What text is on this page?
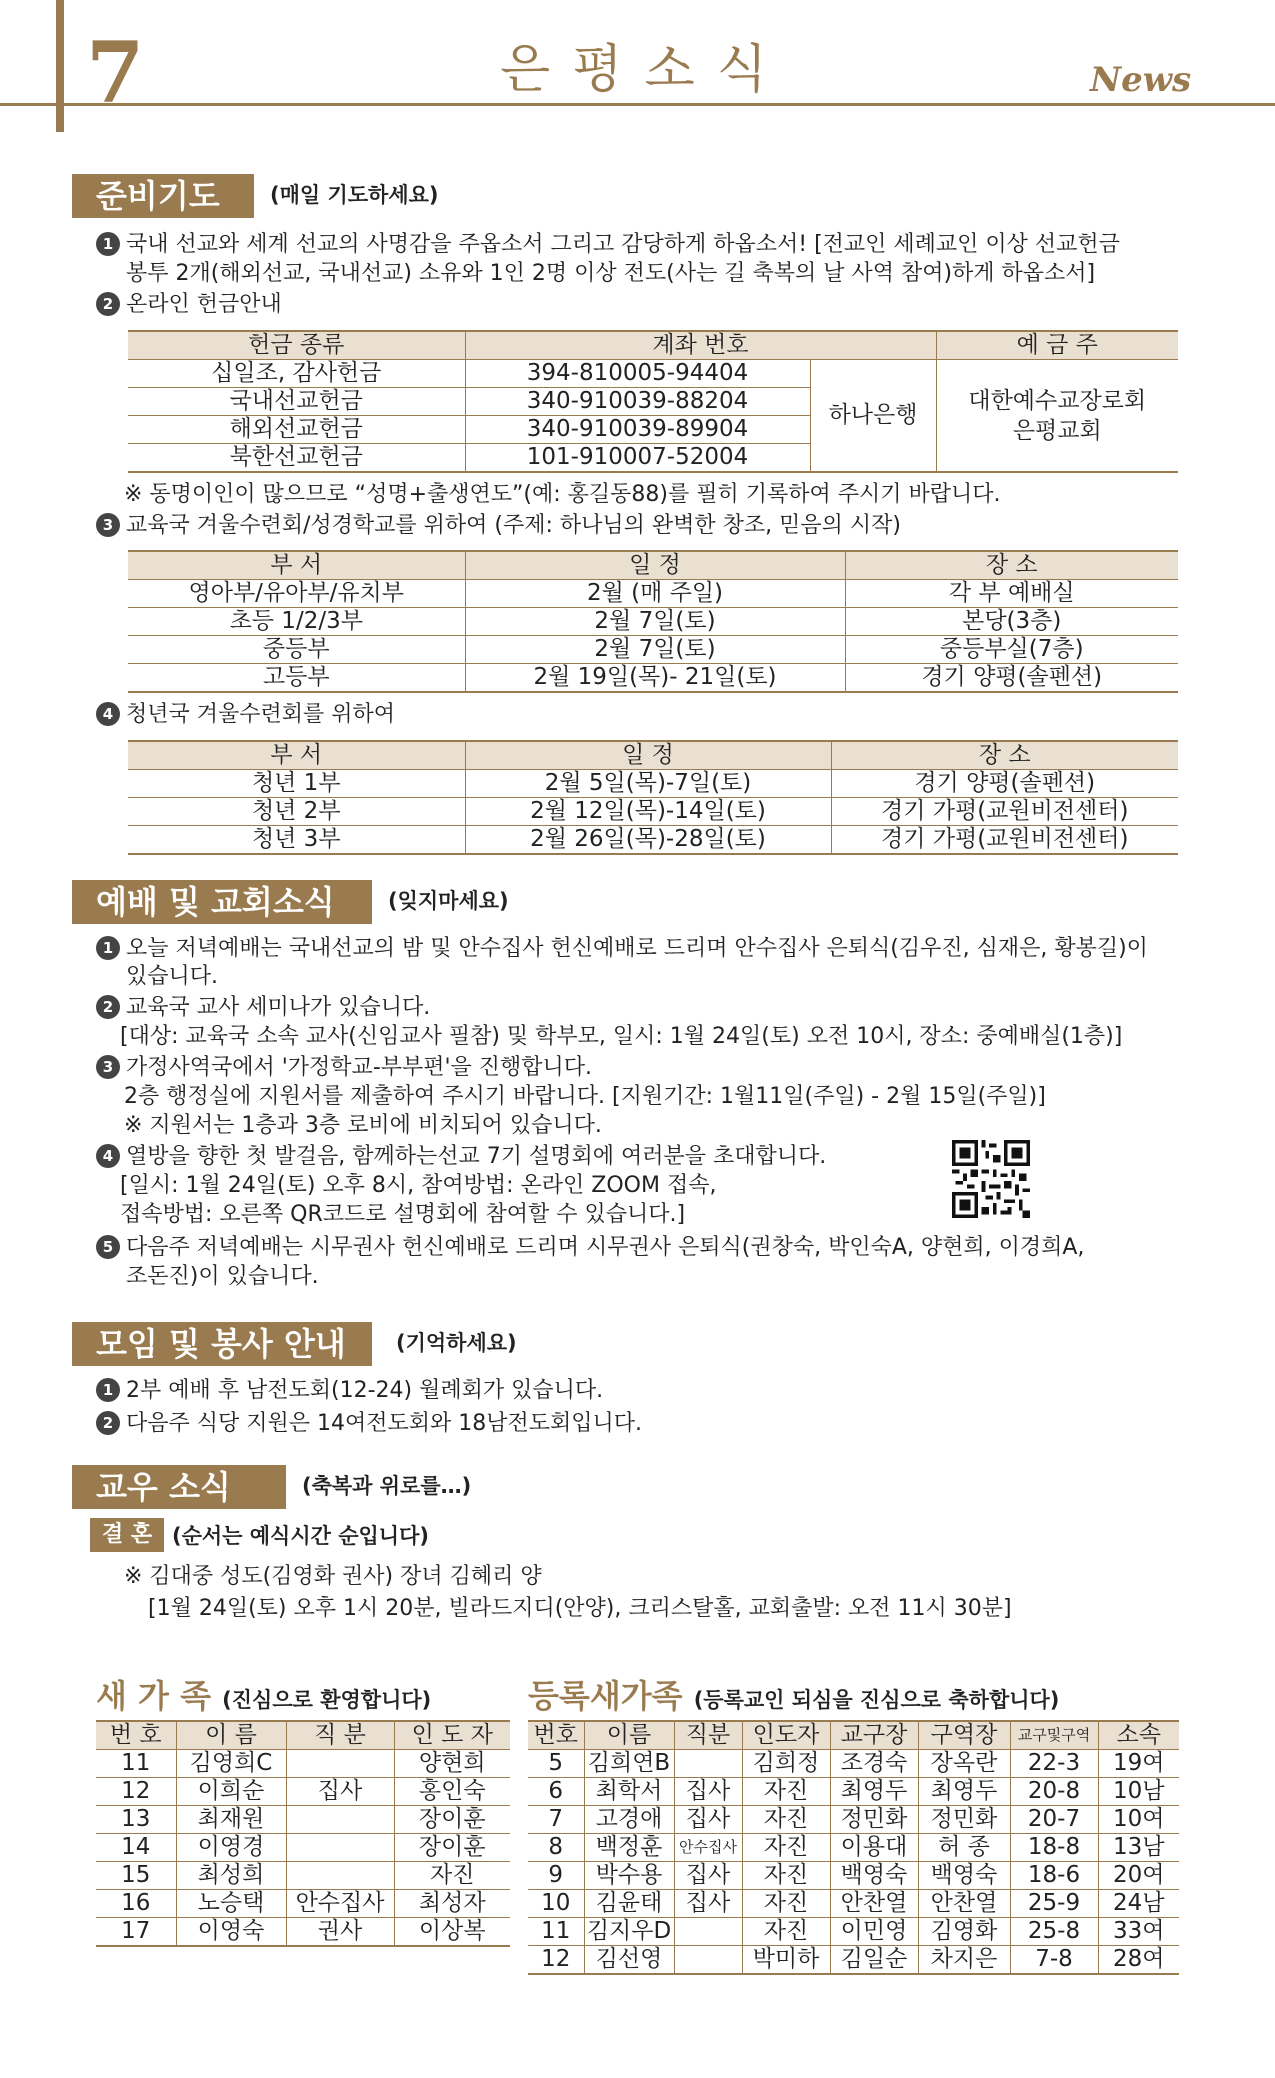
7	은평소식	News
준비기도	(매일 기도하세요)
1 국내 선교와 세계 선교의 사명감을 주옵소서 그리고 감당하게 하옵소서! [전교인 세례교인 이상 선교헌금
봉투 2개(해외선교, 국내선교) 소유와 1인 2명 이상 전도(사는 길 축복의 날 사역 참여)하게 하옵소서]
2 온라인 헌금안내
헌금 종류	계좌 번호		예 금 주
십일조, 감사헌금	394-810005-94404	하나은행	대한예수교장로회
은평교회
국내선교헌금	340-910039-88204		
해외선교헌금	340-910039-89904		
북한선교헌금	101-910007-52004		
※ 동명이인이 많으므로 “성명+출생연도”(예: 홍길동88)를 필히 기록하여 주시기 바랍니다.
3 교육국 겨울수련회/성경학교를 위하여 (주제: 하나님의 완벽한 창조, 믿음의 시작)
부 서	일 정	장 소
영아부/유아부/유치부	2월 (매 주일)	각 부 예배실
초등 1/2/3부	2월 7일(토)	본당(3층)
중등부	2월 7일(토)	중등부실(7층)
고등부	2월 19일(목)- 21일(토)	경기 양평(솔펜션)
4 청년국 겨울수련회를 위하여
부 서	일 정	장 소
청년 1부	2월 5일(목)-7일(토)	경기 양평(솔펜션)
청년 2부	2월 12일(목)-14일(토)	경기 가평(교원비전센터)
청년 3부	2월 26일(목)-28일(토)	경기 가평(교원비전센터)
예배 및 교회소식	(잊지마세요)
1 오늘 저녁예배는 국내선교의 밤 및 안수집사 헌신예배로 드리며 안수집사 은퇴식(김우진, 심재은, 황봉길)이
있습니다.
2 교육국 교사 세미나가 있습니다.
[대상: 교육국 소속 교사(신임교사 필참) 및 학부모, 일시: 1월 24일(토) 오전 10시, 장소: 중예배실(1층)]
3 가정사역국에서 '가정학교-부부편'을 진행합니다.
2층 행정실에 지원서를 제출하여 주시기 바랍니다. [지원기간: 1월11일(주일) - 2월 15일(주일)]
※ 지원서는 1층과 3층 로비에 비치되어 있습니다.
4 열방을 향한 첫 발걸음, 함께하는선교 7기 설명회에 여러분을 초대합니다.
[일시: 1월 24일(토) 오후 8시, 참여방법: 온라인 ZOOM 접속,
접속방법: 오른쪽 QR코드로 설명회에 참여할 수 있습니다.]
5 다음주 저녁예배는 시무권사 헌신예배로 드리며 시무권사 은퇴식(권창숙, 박인숙A, 양현희, 이경희A,
조돈진)이 있습니다.
모임 및 봉사 안내	(기억하세요)
1 2부 예배 후 남전도회(12-24) 월례회가 있습니다.
2 다음주 식당 지원은 14여전도회와 18남전도회입니다.
교우 소식	(축복과 위로를…)
결 혼 (순서는 예식시간 순입니다)
※ 김대중 성도(김영화 권사) 장녀 김혜리 양
[1월 24일(토) 오후 1시 20분, 빌라드지디(안양), 크리스탈홀, 교회출발: 오전 11시 30분]
새 가 족 (진심으로 환영합니다)
번 호	이 름	직 분	인 도 자
11	김영희C		양현희
12	이희순	집사	홍인숙
13	최재원		장이훈
14	이영경		장이훈
15	최성희		자진
16	노승택	안수집사	최성자
17	이영숙	권사	이상복
등록새가족 (등록교인 되심을 진심으로 축하합니다)
번호	이름	직분	인도자	교구장	구역장	교구및구역	소속
5	김희연B		김희정	조경숙	장옥란	22-3	19여
6	최학서	집사	자진	최영두	최영두	20-8	10남
7	고경애	집사	자진	정민화	정민화	20-7	10여
8	백정훈	안수집사	자진	이용대	허 종	18-8	13남
9	박수용	집사	자진	백영숙	백영숙	18-6	20여
10	김윤태	집사	자진	안찬열	안찬열	25-9	24남
11	김지우D		자진	이민영	김영화	25-8	33여
12	김선영		박미하	김일순	차지은	7-8	28여
